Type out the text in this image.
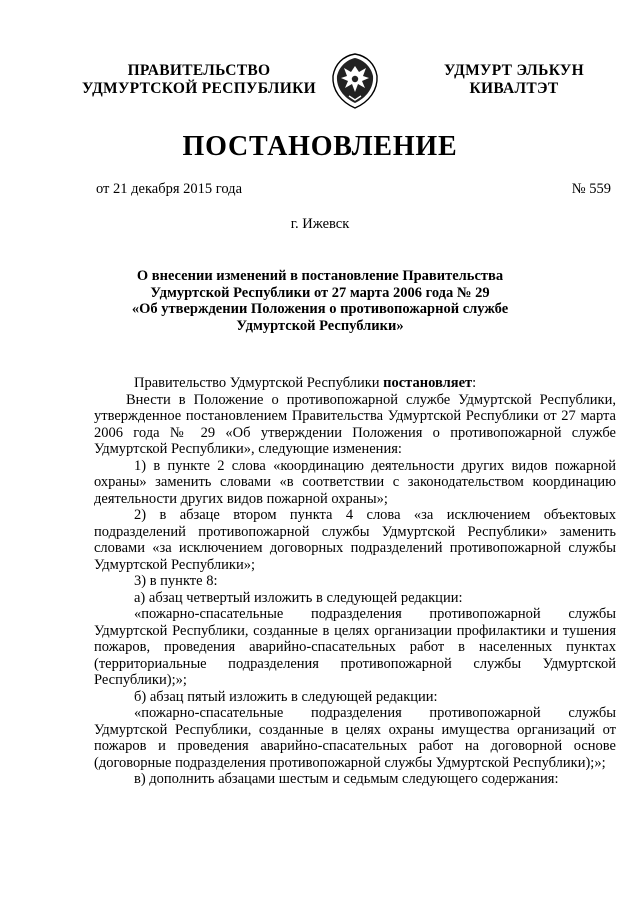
ПРАВИТЕЛЬСТВО
УДМУРТСКОЙ РЕСПУБЛИКИ
УДМУРТ ЭЛЬКУН
КИВАЛТЭТ
ПОСТАНОВЛЕНИЕ
от 21 декабря 2015 года	№ 559
г. Ижевск
О внесении изменений в постановление Правительства
Удмуртской Республики от 27 марта 2006 года № 29
«Об утверждении Положения о противопожарной службе
Удмуртской Республики»

Правительство Удмуртской Республики постановляет:

Внести в Положение о противопожарной службе Удмуртской Республики, утвержденное постановлением Правительства Удмуртской Республики от 27 марта 2006 года № 29 «Об утверждении Положения о противопожарной службе Удмуртской Республики», следующие изменения:

1) в пункте 2 слова «координацию деятельности других видов пожарной охраны» заменить словами «в соответствии с законодательством координацию деятельности других видов пожарной охраны»;

2) в абзаце втором пункта 4 слова «за исключением объектовых подразделений противопожарной службы Удмуртской Республики» заменить словами «за исключением договорных подразделений противопожарной службы Удмуртской Республики»;

3) в пункте 8:

а) абзац четвертый изложить в следующей редакции:

«пожарно-спасательные подразделения противопожарной службы Удмуртской Республики, созданные в целях организации профилактики и тушения пожаров, проведения аварийно-спасательных работ в населенных пунктах (территориальные подразделения противопожарной службы Удмуртской Республики);»;

б) абзац пятый изложить в следующей редакции:

«пожарно-спасательные подразделения противопожарной службы Удмуртской Республики, созданные в целях охраны имущества организаций от пожаров и проведения аварийно-спасательных работ на договорной основе (договорные подразделения противопожарной службы Удмуртской Республики);»;

в) дополнить абзацами шестым и седьмым следующего содержания:
